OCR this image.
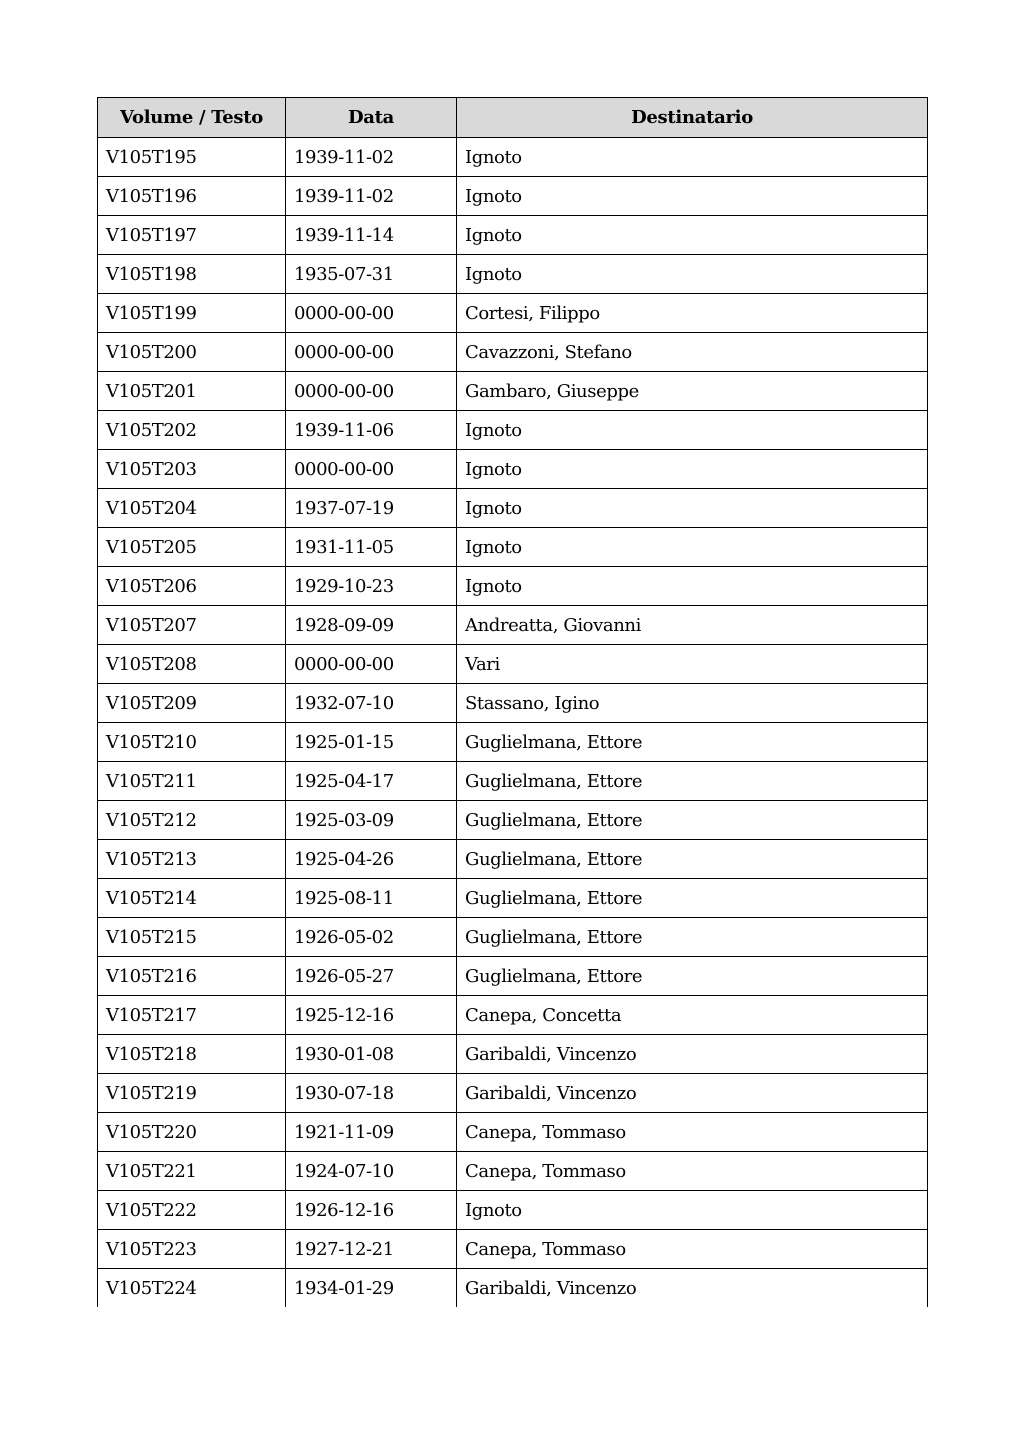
Volume / Testo	Data	Destinatario
V105T195	1939-11-02	Ignoto
V105T196	1939-11-02	Ignoto
V105T197	1939-11-14	Ignoto
V105T198	1935-07-31	Ignoto
V105T199	0000-00-00	Cortesi, Filippo
V105T200	0000-00-00	Cavazzoni, Stefano
V105T201	0000-00-00	Gambaro, Giuseppe
V105T202	1939-11-06	Ignoto
V105T203	0000-00-00	Ignoto
V105T204	1937-07-19	Ignoto
V105T205	1931-11-05	Ignoto
V105T206	1929-10-23	Ignoto
V105T207	1928-09-09	Andreatta, Giovanni
V105T208	0000-00-00	Vari
V105T209	1932-07-10	Stassano, Igino
V105T210	1925-01-15	Guglielmana, Ettore
V105T211	1925-04-17	Guglielmana, Ettore
V105T212	1925-03-09	Guglielmana, Ettore
V105T213	1925-04-26	Guglielmana, Ettore
V105T214	1925-08-11	Guglielmana, Ettore
V105T215	1926-05-02	Guglielmana, Ettore
V105T216	1926-05-27	Guglielmana, Ettore
V105T217	1925-12-16	Canepa, Concetta
V105T218	1930-01-08	Garibaldi, Vincenzo
V105T219	1930-07-18	Garibaldi, Vincenzo
V105T220	1921-11-09	Canepa, Tommaso
V105T221	1924-07-10	Canepa, Tommaso
V105T222	1926-12-16	Ignoto
V105T223	1927-12-21	Canepa, Tommaso
V105T224	1934-01-29	Garibaldi, Vincenzo
